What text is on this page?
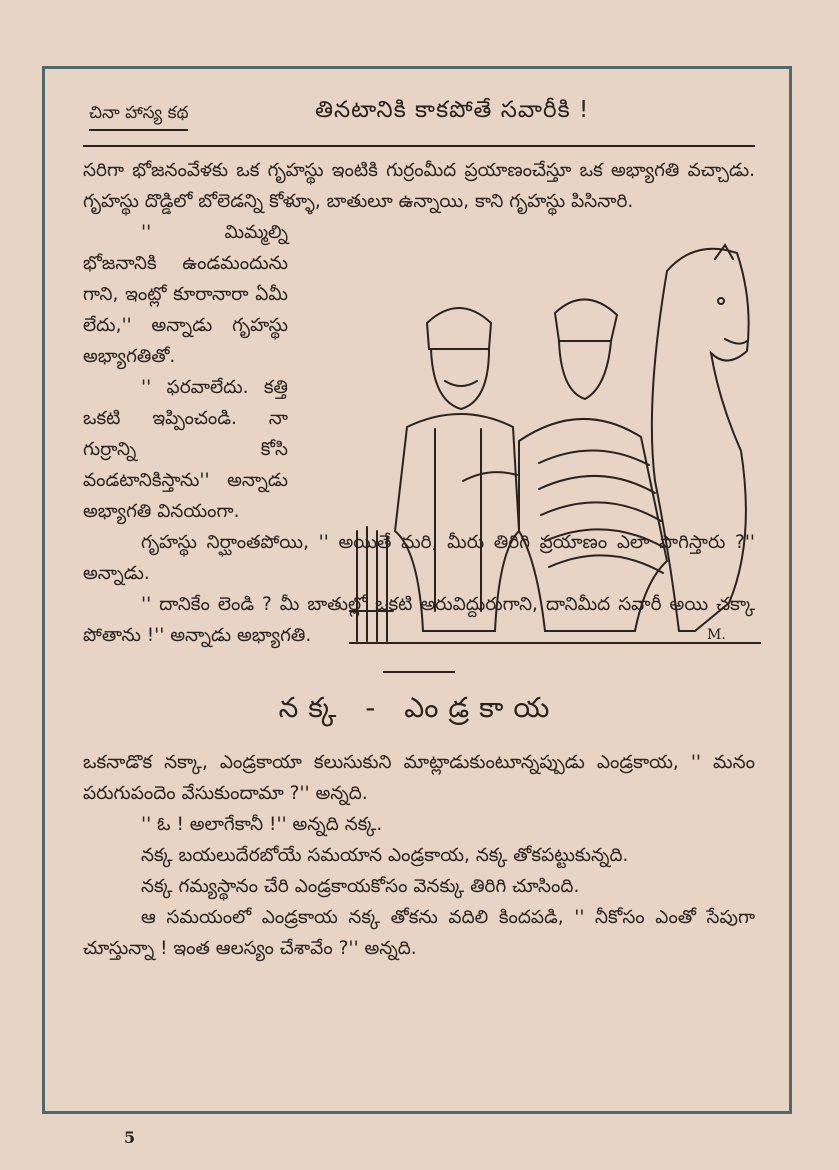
చినా హాస్య కథ	తినటానికి కాకపోతే సవారీకి !

సరిగా భోజనంవేళకు ఒక గృహస్థు ఇంటికి గుర్రంమీద ప్రయాణంచేస్తూ ఒక అభ్యాగతి వచ్చాడు. గృహస్థు దొడ్డిలో బోలెడన్ని కోళ్ళూ, బాతులూ ఉన్నాయి, కాని గృహస్థు పిసినారి.

'' మిమ్మల్ని భోజనానికి ఉండమందును గాని, ఇంట్లో కూరానారా ఏమీ లేదు,'' అన్నాడు గృహస్థు అభ్యాగతితో.

'' ఫరవాలేదు. కత్తి ఒకటి ఇప్పించండి. నా గుర్రాన్ని కోసి వండటానికిస్తాను'' అన్నాడు అభ్యాగతి వినయంగా.

గృహస్థు నిర్ఘాంతపోయి, '' అయితే మరి, మీరు తిరిగి ప్రయాణం ఎలా సాగిస్తారు ?'' అన్నాడు.

'' దానికేం లెండి ? మీ బాతుల్లో ఒకటి అరువిద్దురుగాని, దానిమీద సవారీ అయి చక్కా పోతాను !'' అన్నాడు అభ్యాగతి.	M.
నక్క - ఎండ్రకాయ

ఒకనాడొక నక్కా, ఎండ్రకాయా కలుసుకుని మాట్లాడుకుంటూన్నప్పుడు ఎండ్రకాయ, '' మనం పరుగుపందెం వేసుకుందామా ?'' అన్నది.

'' ఓ ! అలాగేకానీ !'' అన్నది నక్క.

నక్క బయలుదేరబోయే సమయాన ఎండ్రకాయ, నక్క తోకపట్టుకున్నది.

నక్క గమ్యస్థానం చేరి ఎండ్రకాయకోసం వెనక్కు తిరిగి చూసింది.

ఆ సమయంలో ఎండ్రకాయ నక్క తోకను వదిలి కిందపడి, '' నీకోసం ఎంతో సేపుగా చూస్తున్నా ! ఇంత ఆలస్యం చేశావేం ?'' అన్నది.

5
